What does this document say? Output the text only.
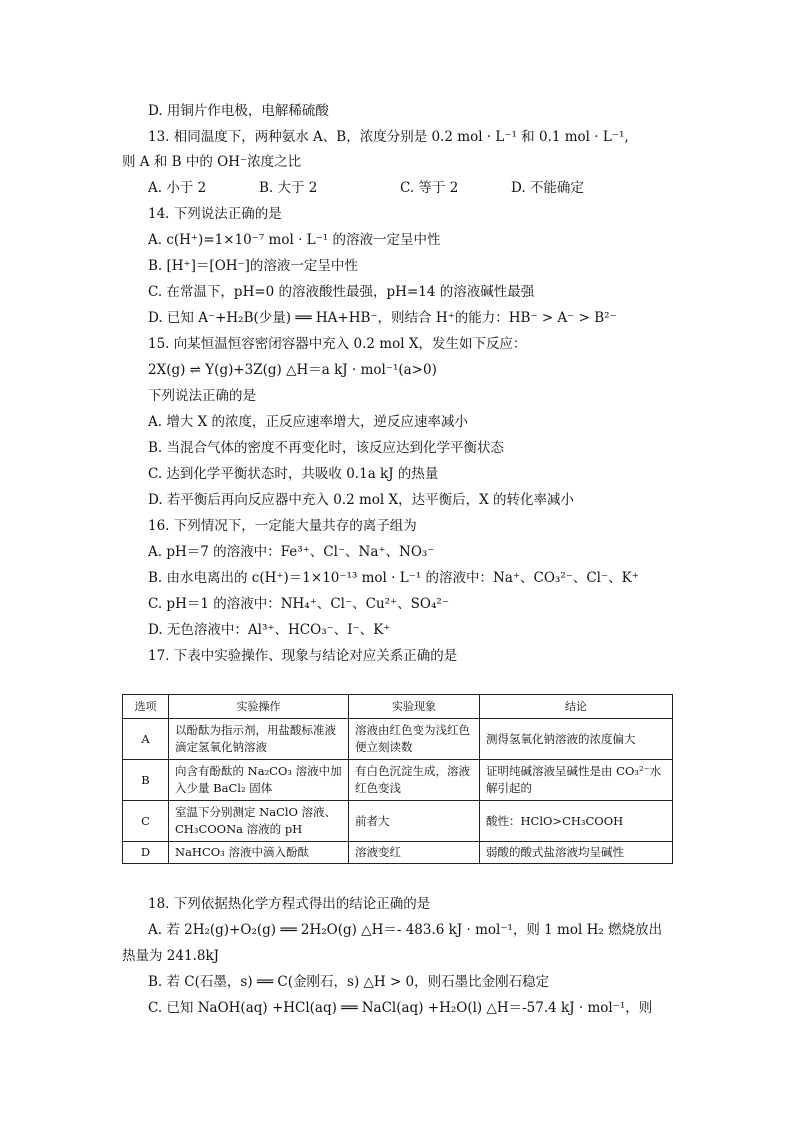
D. 用铜片作电极，电解稀硫酸
13. 相同温度下，两种氨水 A、B，浓度分别是 0.2 mol · L⁻¹ 和 0.1 mol · L⁻¹,
则 A 和 B 中的 OH⁻浓度之比
A. 小于 2	B. 大于 2	C. 等于 2	D. 不能确定
14. 下列说法正确的是
A. c(H⁺)=1×10⁻⁷ mol · L⁻¹ 的溶液一定呈中性
B. [H⁺]＝[OH⁻]的溶液一定呈中性
C. 在常温下，pH=0 的溶液酸性最强，pH=14 的溶液碱性最强
D. 已知 A⁻+H₂B(少量) ══ HA+HB⁻，则结合 H⁺的能力：HB⁻ > A⁻ > B²⁻
15. 向某恒温恒容密闭容器中充入 0.2 mol X，发生如下反应：
2X(g) ⇌ Y(g)+3Z(g) △H＝a kJ · mol⁻¹(a>0)
下列说法正确的是
A. 增大 X 的浓度，正反应速率增大，逆反应速率减小
B. 当混合气体的密度不再变化时，该反应达到化学平衡状态
C. 达到化学平衡状态时，共吸收 0.1a kJ 的热量
D. 若平衡后再向反应器中充入 0.2 mol X，达平衡后，X 的转化率减小
16. 下列情况下，一定能大量共存的离子组为
A. pH＝7 的溶液中：Fe³⁺、Cl⁻、Na⁺、NO₃⁻
B. 由水电离出的 c(H⁺)＝1×10⁻¹³ mol · L⁻¹ 的溶液中：Na⁺、CO₃²⁻、Cl⁻、K⁺
C. pH＝1 的溶液中：NH₄⁺、Cl⁻、Cu²⁺、SO₄²⁻
D. 无色溶液中：Al³⁺、HCO₃⁻、I⁻、K⁺
17. 下表中实验操作、现象与结论对应关系正确的是
选项	实验操作	实验现象	结论
A	以酚酞为指示剂，用盐酸标准液滴定氢氧化钠溶液	溶液由红色变为浅红色便立刻读数	测得氢氧化钠溶液的浓度偏大
B	向含有酚酞的 Na₂CO₃ 溶液中加入少量 BaCl₂ 固体	有白色沉淀生成，溶液红色变浅	证明纯碱溶液呈碱性是由 CO₃²⁻水解引起的
C	室温下分别测定 NaClO 溶液、CH₃COONa 溶液的 pH	前者大	酸性：HClO>CH₃COOH
D	NaHCO₃ 溶液中滴入酚酞	溶液变红	弱酸的酸式盐溶液均呈碱性
18. 下列依据热化学方程式得出的结论正确的是
A. 若 2H₂(g)+O₂(g) ══ 2H₂O(g) △H＝- 483.6 kJ · mol⁻¹，则 1 mol H₂ 燃烧放出
热量为 241.8kJ
B. 若 C(石墨，s) ══ C(金刚石，s) △H > 0，则石墨比金刚石稳定
C. 已知 NaOH(aq) +HCl(aq) ══ NaCl(aq) +H₂O(l) △H＝-57.4 kJ · mol⁻¹，则
